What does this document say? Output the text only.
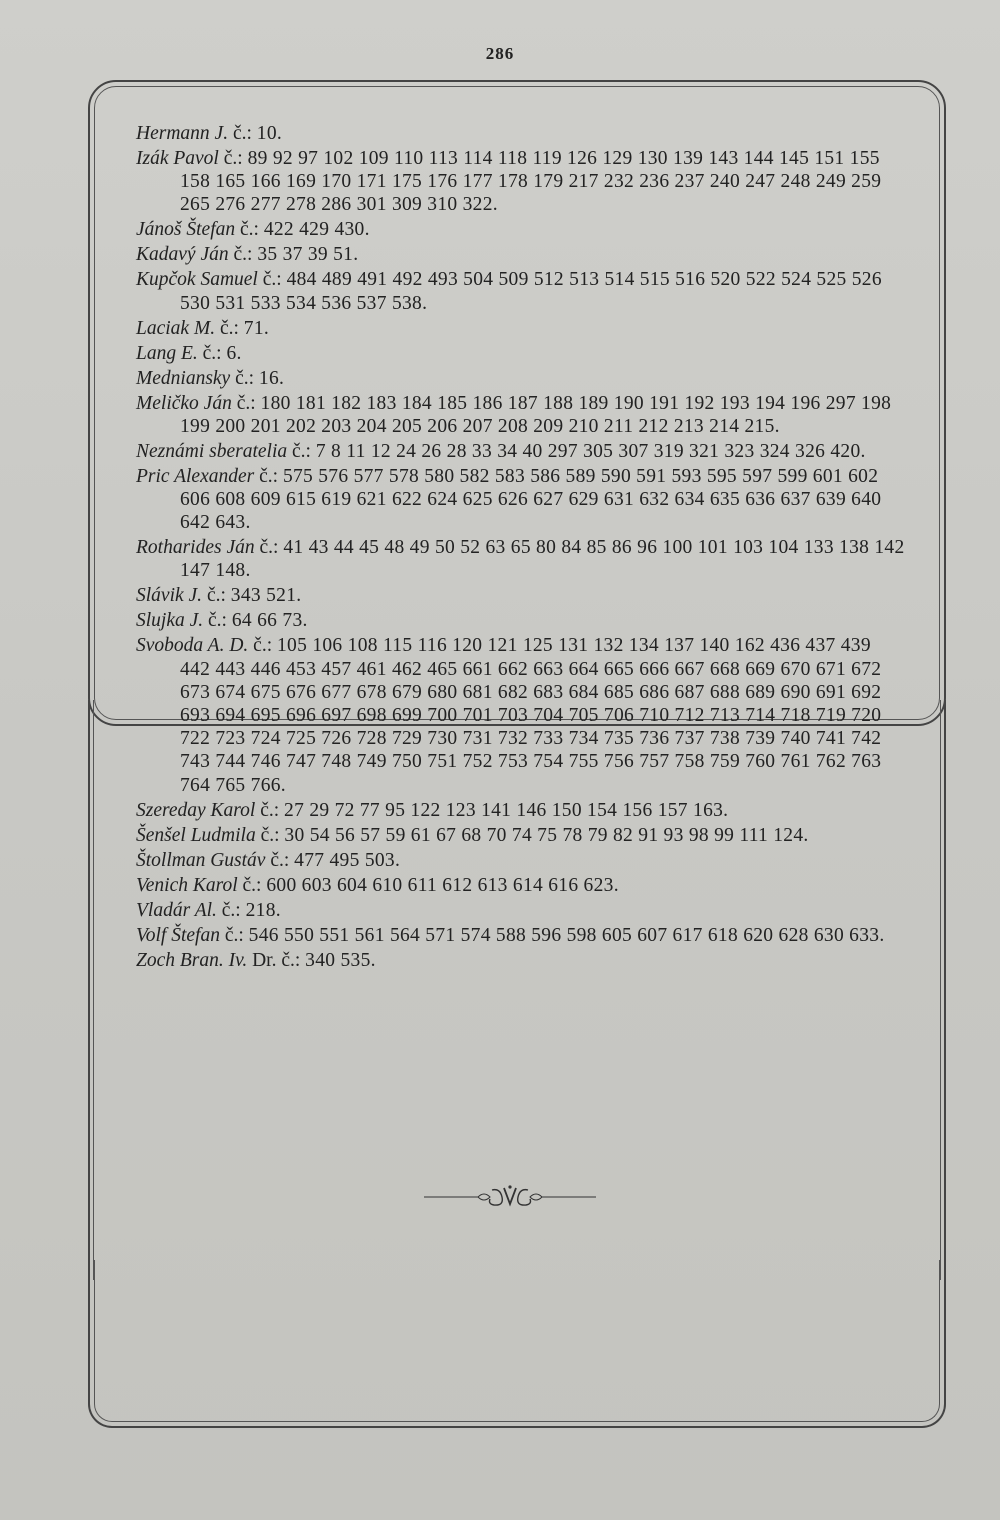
286
Hermann J. č.: 10.
Izák Pavol č.: 89 92 97 102 109 110 113 114 118 119 126 129 130 139 143 144 145 151 155 158 165 166 169 170 171 175 176 177 178 179 217 232 236 237 240 247 248 249 259 265 276 277 278 286 301 309 310 322.
Jánoš Štefan č.: 422 429 430.
Kadavý Ján č.: 35 37 39 51.
Kupčok Samuel č.: 484 489 491 492 493 504 509 512 513 514 515 516 520 522 524 525 526 530 531 533 534 536 537 538.
Laciak M. č.: 71.
Lang E. č.: 6.
Mednianskу č.: 16.
Meličko Ján č.: 180 181 182 183 184 185 186 187 188 189 190 191 192 193 194 196 297 198 199 200 201 202 203 204 205 206 207 208 209 210 211 212 213 214 215.
Neznámi sberatelia č.: 7 8 11 12 24 26 28 33 34 40 297 305 307 319 321 323 324 326 420.
Pric Alexander č.: 575 576 577 578 580 582 583 586 589 590 591 593 595 597 599 601 602 606 608 609 615 619 621 622 624 625 626 627 629 631 632 634 635 636 637 639 640 642 643.
Rotharides Ján č.: 41 43 44 45 48 49 50 52 63 65 80 84 85 86 96 100 101 103 104 133 138 142 147 148.
Slávik J. č.: 343 521.
Slujka J. č.: 64 66 73.
Svoboda A. D. č.: 105 106 108 115 116 120 121 125 131 132 134 137 140 162 436 437 439 442 443 446 453 457 461 462 465 661 662 663 664 665 666 667 668 669 670 671 672 673 674 675 676 677 678 679 680 681 682 683 684 685 686 687 688 689 690 691 692 693 694 695 696 697 698 699 700 701 703 704 705 706 710 712 713 714 718 719 720 722 723 724 725 726 728 729 730 731 732 733 734 735 736 737 738 739 740 741 742 743 744 746 747 748 749 750 751 752 753 754 755 756 757 758 759 760 761 762 763 764 765 766.
Szereday Karol č.: 27 29 72 77 95 122 123 141 146 150 154 156 157 163.
Šenšel Ludmila č.: 30 54 56 57 59 61 67 68 70 74 75 78 79 82 91 93 98 99 111 124.
Štollman Gustáv č.: 477 495 503.
Venich Karol č.: 600 603 604 610 611 612 613 614 616 623.
Vladár Al. č.: 218.
Volf Štefan č.: 546 550 551 561 564 571 574 588 596 598 605 607 617 618 620 628 630 633.
Zoch Bran. Iv. Dr. č.: 340 535.
